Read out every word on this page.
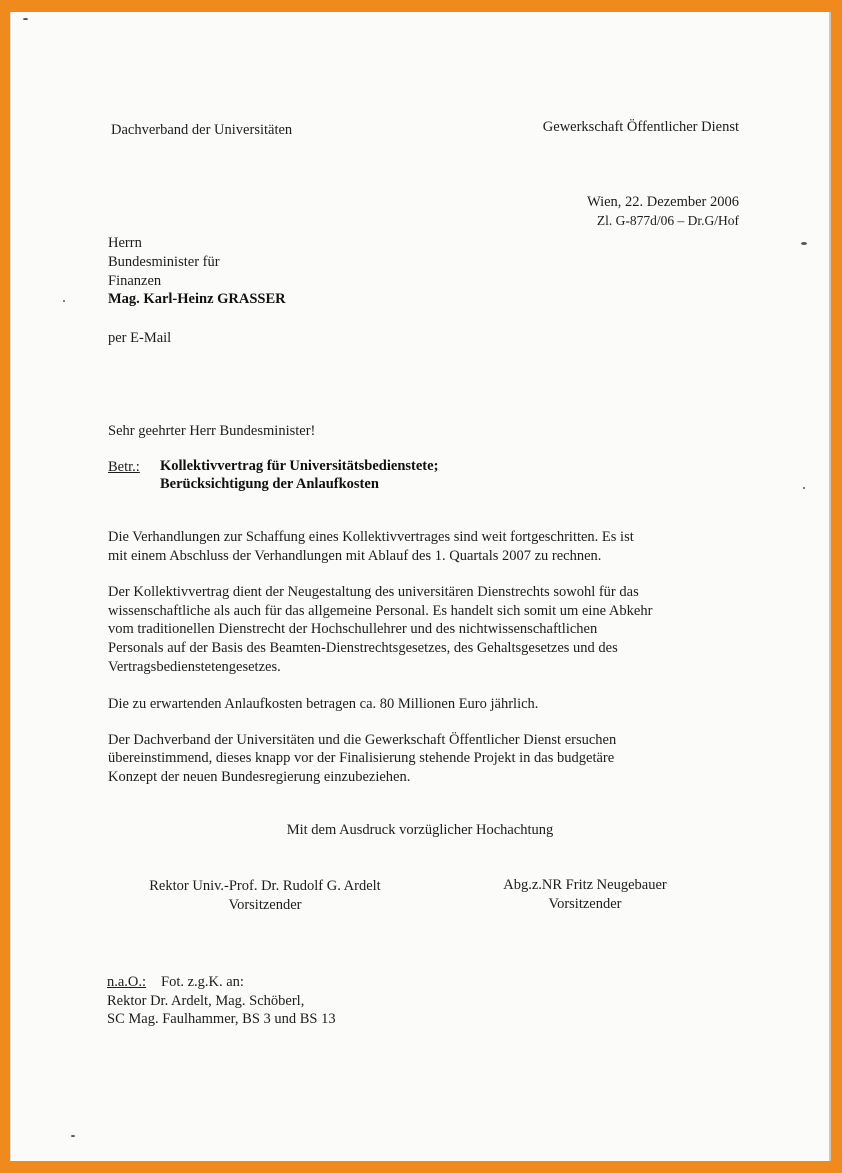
Dachverband der Universitäten	Gewerkschaft Öffentlicher Dienst

Wien, 22. Dezember 2006

Zl. G-877d/06 – Dr.G/Hof

Herrn

Bundesminister für

Finanzen

Mag. Karl-Heinz GRASSER

per E-Mail

Sehr geehrter Herr Bundesminister!

Betr.: Kollektivvertrag für Universitätsbedienstete;

Berücksichtigung der Anlaufkosten

Die Verhandlungen zur Schaffung eines Kollektivvertrages sind weit fortgeschritten. Es ist

mit einem Abschluss der Verhandlungen mit Ablauf des 1. Quartals 2007 zu rechnen.

Der Kollektivvertrag dient der Neugestaltung des universitären Dienstrechts sowohl für das

wissenschaftliche als auch für das allgemeine Personal. Es handelt sich somit um eine Abkehr

vom traditionellen Dienstrecht der Hochschullehrer und des nichtwissenschaftlichen

Personals auf der Basis des Beamten-Dienstrechtsgesetzes, des Gehaltsgesetzes und des

Vertragsbedienstetengesetzes.

Die zu erwartenden Anlaufkosten betragen ca. 80 Millionen Euro jährlich.

Der Dachverband der Universitäten und die Gewerkschaft Öffentlicher Dienst ersuchen

übereinstimmend, dieses knapp vor der Finalisierung stehende Projekt in das budgetäre

Konzept der neuen Bundesregierung einzubeziehen.

Mit dem Ausdruck vorzüglicher Hochachtung

Rektor Univ.-Prof. Dr. Rudolf G. Ardelt

Vorsitzender

Abg.z.NR Fritz Neugebauer

Vorsitzender

n.a.O.: Fot. z.g.K. an:

Rektor Dr. Ardelt, Mag. Schöberl,

SC Mag. Faulhammer, BS 3 und BS 13
